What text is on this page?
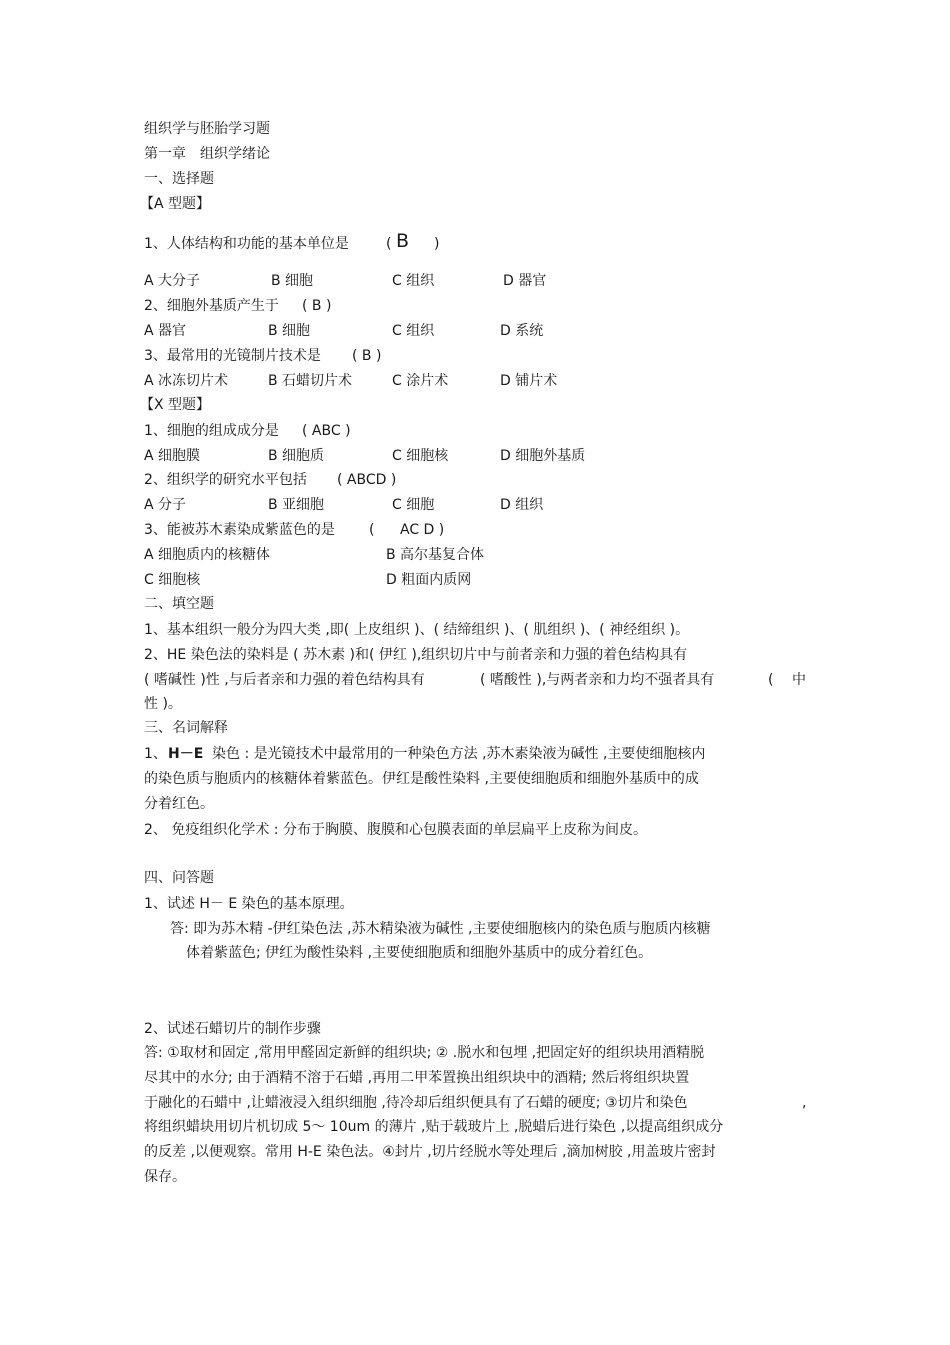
组织学与胚胎学习题
第一章　组织学绪论
一、选择题
【A 型题】
1、人体结构和功能的基本单位是	( B )
A 大分子	B 细胞	C 组织	D 器官
2、细胞外基质产生于 ( B )
A 器官	B 细胞	C 组织	D 系统
3、最常用的光镜制片技术是 ( B )
A 冰冻切片术	B 石蜡切片术	C 涂片术	D 铺片术
【X 型题】
1、细胞的组成成分是 ( ABC )
A 细胞膜	B 细胞质	C 细胞核	D 细胞外基质
2、组织学的研究水平包括 ( ABCD )
A 分子	B 亚细胞	C 细胞	D 组织
3、能被苏木素染成紫蓝色的是 ( AC D )
A 细胞质内的核糖体	B 高尔基复合体
C 细胞核	D 粗面内质网
二、填空题
1、基本组织一般分为四大类 ,即( 上皮组织 )、( 结缔组织 )、( 肌组织 )、( 神经组织 )。
2、HE 染色法的染料是 ( 苏木素 )和( 伊红 ),组织切片中与前者亲和力强的着色结构具有
( 嗜碱性 )性 ,与后者亲和力强的着色结构具有	( 嗜酸性 ),与两者亲和力均不强者具有	( 中
性 )。
三、名词解释
1、 H－E 染色 : 是光镜技术中最常用的一种染色方法 ,苏木素染液为碱性 ,主要使细胞核内
的染色质与胞质内的核糖体着紫蓝色。伊红是酸性染料 ,主要使细胞质和细胞外基质中的成
分着红色。
2、 免疫组织化学术 : 分布于胸膜、腹膜和心包膜表面的单层扁平上皮称为间皮。
四、问答题
1、试述 H－ E 染色的基本原理。
答: 即为苏木精 -伊红染色法 ,苏木精染液为碱性 ,主要使细胞核内的染色质与胞质内核糖
体着紫蓝色; 伊红为酸性染料 ,主要使细胞质和细胞外基质中的成分着红色。
2、试述石蜡切片的制作步骤
答: ①取材和固定 ,常用甲醛固定新鲜的组织块; ② .脱水和包埋 ,把固定好的组织块用酒精脱
尽其中的水分; 由于酒精不溶于石蜡 ,再用二甲苯置换出组织块中的酒精; 然后将组织块置
于融化的石蜡中 ,让蜡液浸入组织细胞 ,待冷却后组织便具有了石蜡的硬度; ③切片和染色	,
将组织蜡块用切片机切成 5～ 10um 的薄片 ,贴于载玻片上 ,脱蜡后进行染色 ,以提高组织成分
的反差 ,以便观察。常用 H-E 染色法。④封片 ,切片经脱水等处理后 ,滴加树胶 ,用盖玻片密封
保存。
